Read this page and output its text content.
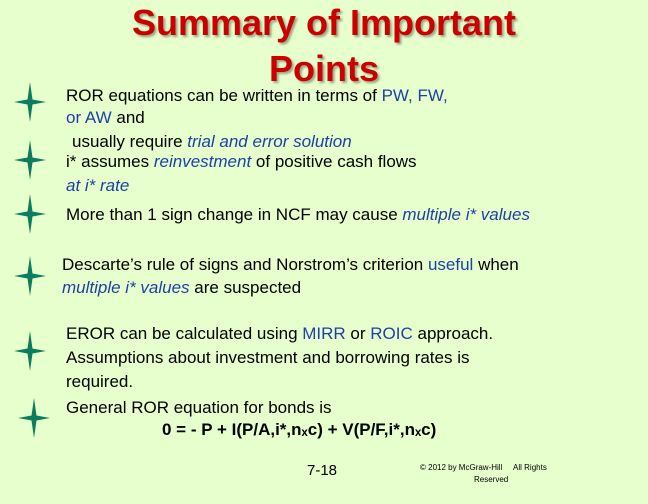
Summary of Important
Points
ROR equations can be written in terms of PW, FW,
or AW and
usually require trial and error solution
i* assumes reinvestment of positive cash flows
at i* rate
More than 1 sign change in NCF may cause multiple i* values
Descarte’s rule of signs and Norstrom’s criterion useful when
multiple i* values are suspected
EROR can be calculated using MIRR or ROIC approach.
Assumptions about investment and borrowing rates is
required.
General ROR equation for bonds is
0 = - P + I(P/A,i*,nₓc) + V(P/F,i*,nₓc)
7-18	© 2012 by McGraw-Hill     All Rights
Reserved
